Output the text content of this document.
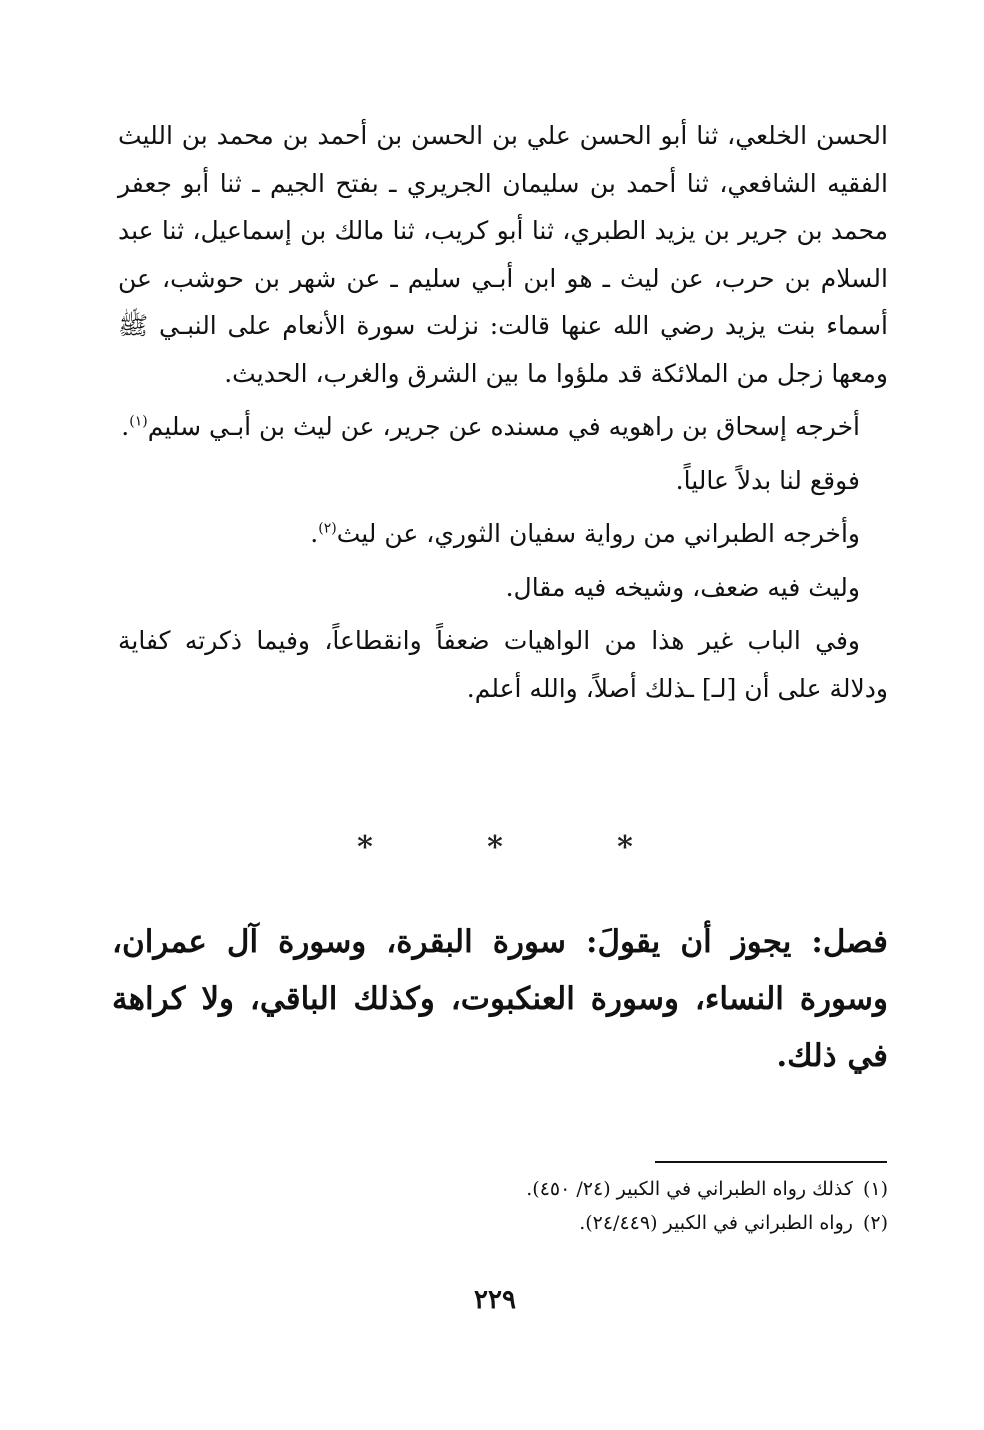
الحسن الخلعي، ثنا أبو الحسن علي بن الحسن بن أحمد بن محمد بن الليث الفقيه الشافعي، ثنا أحمد بن سليمان الجريري ـ بفتح الجيم ـ ثنا أبو جعفر محمد بن جرير بن يزيد الطبري، ثنا أبو كريب، ثنا مالك بن إسماعيل، ثنا عبد السلام بن حرب، عن ليث ـ هو ابن أبـي سليم ـ عن شهر بن حوشب، عن أسماء بنت يزيد رضي الله عنها قالت: نزلت سورة الأنعام على النبـي ﷺ ومعها زجل من الملائكة قد ملؤوا ما بين الشرق والغرب، الحديث.

أخرجه إسحاق بن راهويه في مسنده عن جرير، عن ليث بن أبـي سليم$^{(١)}$.

فوقع لنا بدلاً عالياً.

وأخرجه الطبراني من رواية سفيان الثوري، عن ليث$^{(٢)}$.

وليث فيه ضعف، وشيخه فيه مقال.

وفي الباب غير هذا من الواهيات ضعفاً وانقطاعاً، وفيما ذكرته كفاية ودلالة على أن [لـ] ـذلك أصلاً، والله أعلم.

*	*	*
فصل: يجوز أن يقولَ: سورة البقرة، وسورة آل عمران، وسورة النساء، وسورة العنكبوت، وكذلك الباقي، ولا كراهة في ذلك.

(١)كذلك رواه الطبراني في الكبير (٢٤/ ٤٥٠).

(٢)رواه الطبراني في الكبير (٢٤/٤٤٩).

٢٢٩
